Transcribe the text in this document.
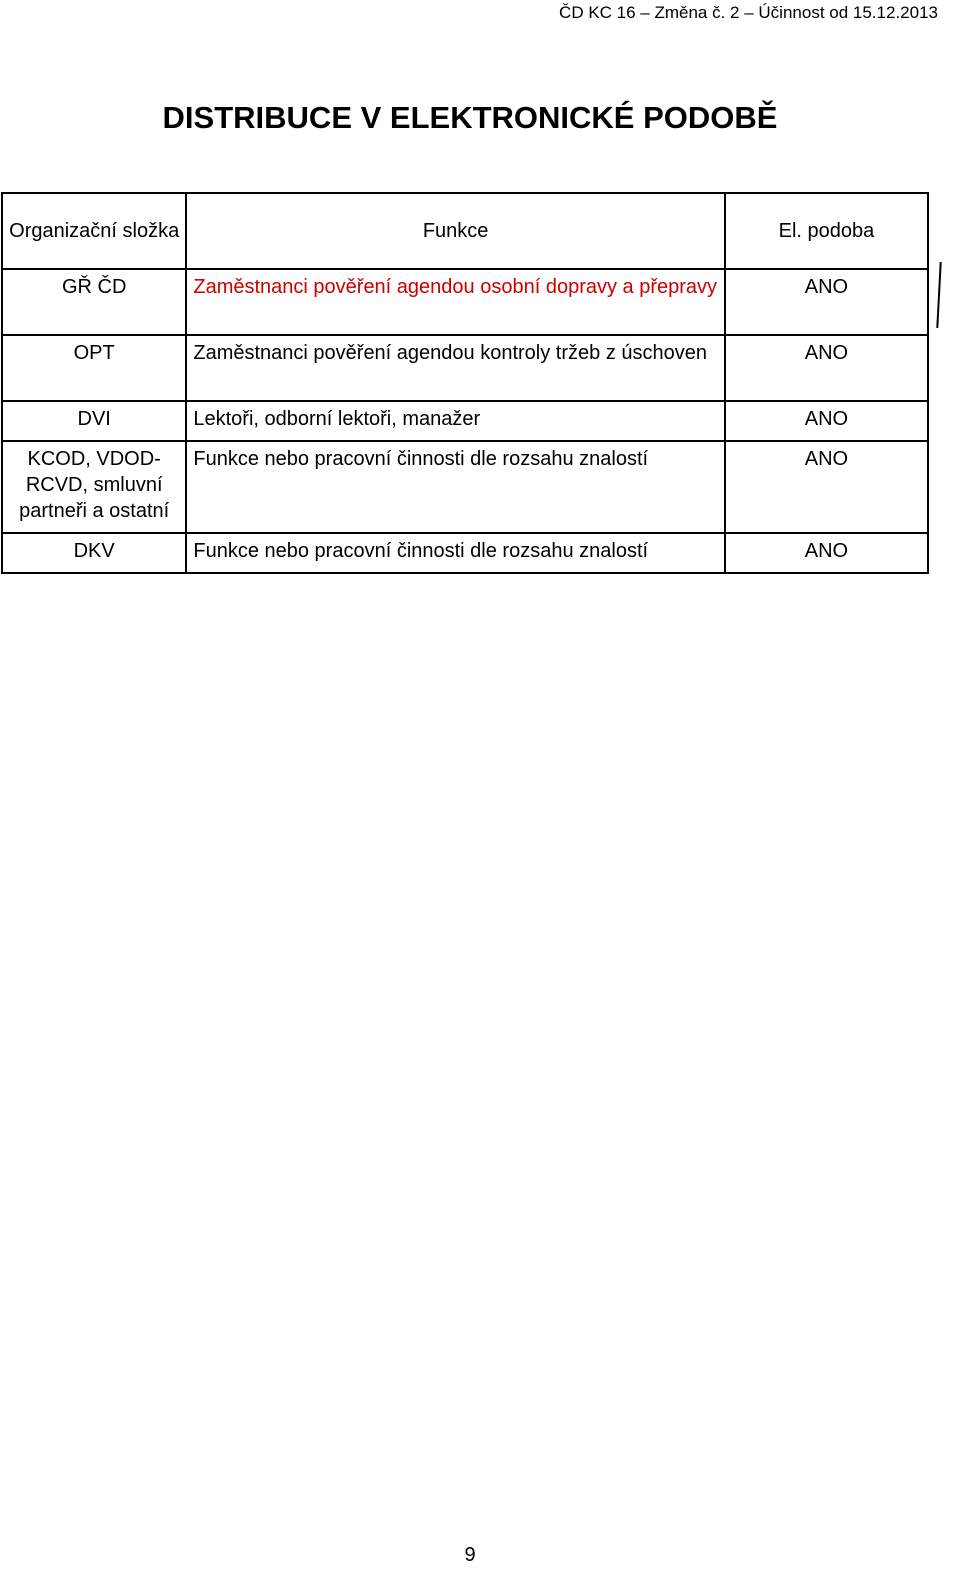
ČD KC 16 – Změna č. 2 – Účinnost od 15.12.2013
DISTRIBUCE V ELEKTRONICKÉ PODOBĚ
Organizační složka	Funkce	El. podoba
GŘ ČD	Zaměstnanci pověření agendou osobní dopravy a přepravy	ANO
OPT	Zaměstnanci pověření agendou kontroly tržeb z úschoven	ANO
DVI	Lektoři, odborní lektoři, manažer	ANO
KCOD, VDOD-RCVD, smluvní partneři a ostatní	Funkce nebo pracovní činnosti dle rozsahu znalostí	ANO
DKV	Funkce nebo pracovní činnosti dle rozsahu znalostí	ANO
9
